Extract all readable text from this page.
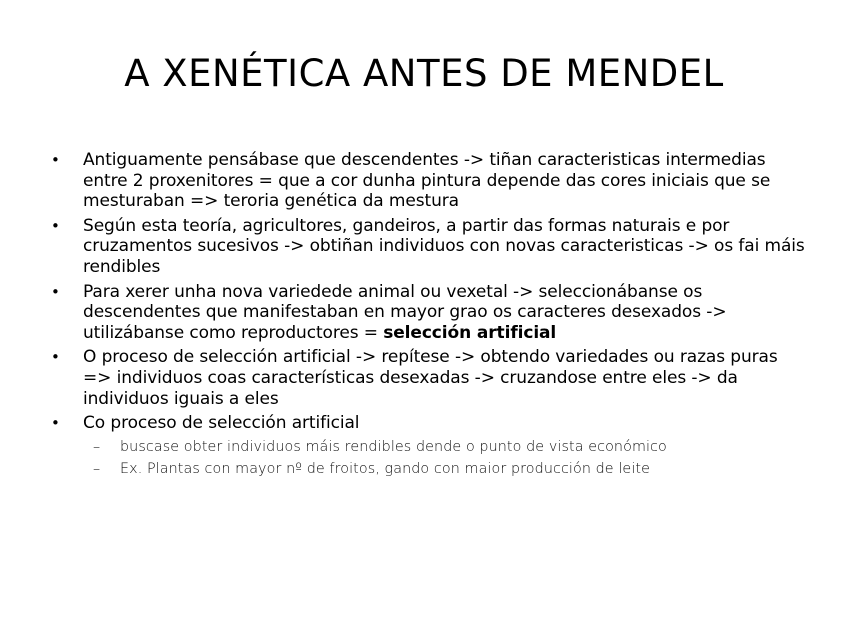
A XENÉTICA ANTES DE MENDEL
• Antiguamente pensábase que descendentes -> tiñan caracteristicas intermedias entre 2 proxenitores = que a cor dunha pintura depende das cores iniciais que se mesturaban => teroria genética da mestura
• Según esta teoría, agricultores, gandeiros, a partir das formas naturais e por cruzamentos sucesivos -> obtiñan individuos con novas caracteristicas -> os fai máis rendibles
• Para xerer unha nova variedede animal ou vexetal -> seleccionábanse os descendentes que manifestaban en mayor grao os caracteres desexados -> utilizábanse como reproductores = selección artificial
• O proceso de selección artificial -> repítese -> obtendo variedades ou razas puras => individuos coas características desexadas -> cruzandose entre eles -> da individuos iguais a eles
• Co proceso de selección artificial
– buscase obter individuos máis rendibles dende o punto de vista económico
– Ex. Plantas con mayor nº de froitos, gando con maior producción de leite
